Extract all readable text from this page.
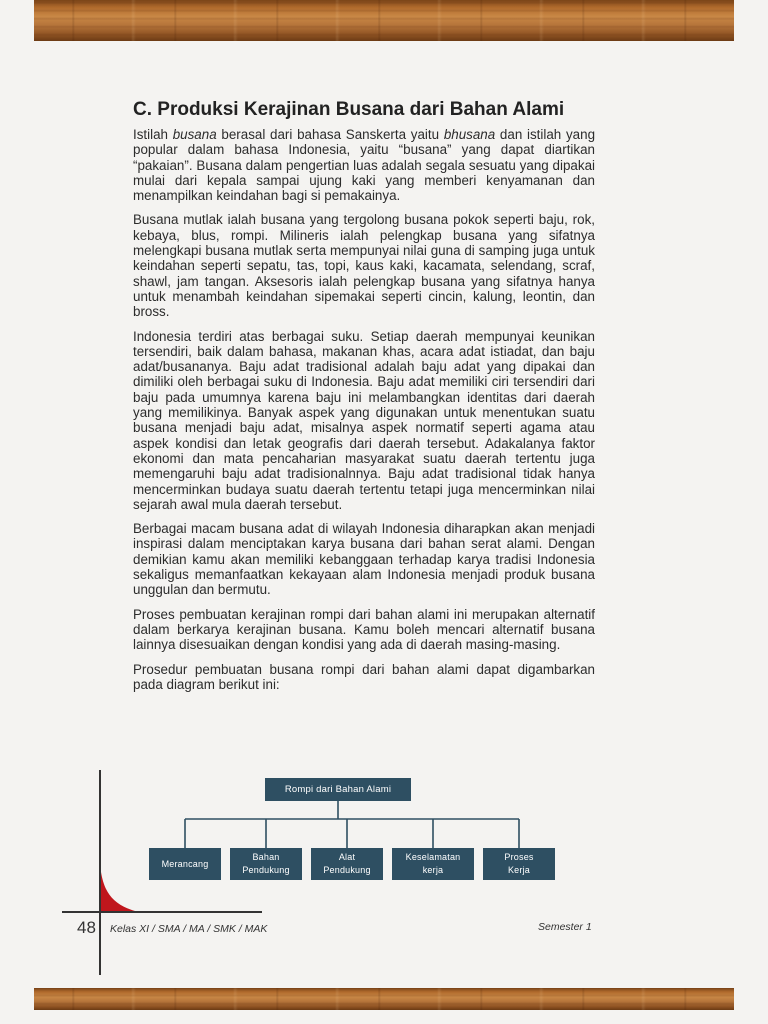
C. Produksi Kerajinan Busana dari Bahan Alami

Istilah busana berasal dari bahasa Sanskerta yaitu bhusana dan istilah yang popular dalam bahasa Indonesia, yaitu “busana” yang dapat diartikan “pakaian”. Busana dalam pengertian luas adalah segala sesuatu yang dipakai mulai dari kepala sampai ujung kaki yang memberi kenyamanan dan menampilkan keindahan bagi si pemakainya.

Busana mutlak ialah busana yang tergolong busana pokok seperti baju, rok, kebaya, blus, rompi. Milineris ialah pelengkap busana yang sifatnya melengkapi busana mutlak serta mempunyai nilai guna di samping juga untuk keindahan seperti sepatu, tas, topi, kaus kaki, kacamata, selendang, scraf, shawl, jam tangan. Aksesoris ialah pelengkap busana yang sifatnya hanya untuk menambah keindahan sipemakai seperti cincin, kalung, leontin, dan bross.

Indonesia terdiri atas berbagai suku. Setiap daerah mempunyai keunikan tersendiri, baik dalam bahasa, makanan khas, acara adat istiadat, dan baju adat/busananya. Baju adat tradisional adalah baju adat yang dipakai dan dimiliki oleh berbagai suku di Indonesia. Baju adat memiliki ciri tersendiri dari baju pada umumnya karena baju ini melambangkan identitas dari daerah yang memilikinya. Banyak aspek yang digunakan untuk menentukan suatu busana menjadi baju adat, misalnya aspek normatif seperti agama atau aspek kondisi dan letak geografis dari daerah tersebut. Adakalanya faktor ekonomi dan mata pencaharian masyarakat suatu daerah tertentu juga memengaruhi baju adat tradisionalnnya. Baju adat tradisional tidak hanya mencerminkan budaya suatu daerah tertentu tetapi juga mencerminkan nilai sejarah awal mula daerah tersebut.

Berbagai macam busana adat di wilayah Indonesia diharapkan akan menjadi inspirasi dalam menciptakan karya busana dari bahan serat alami. Dengan demikian kamu akan memiliki kebanggaan terhadap karya tradisi Indonesia sekaligus memanfaatkan kekayaan alam Indonesia menjadi produk busana unggulan dan bermutu.

Proses pembuatan kerajinan rompi dari bahan alami ini merupakan alternatif dalam berkarya kerajinan busana. Kamu boleh mencari alternatif busana lainnya disesuaikan dengan kondisi yang ada di daerah masing-masing.

Prosedur pembuatan busana rompi dari bahan alami dapat digambarkan pada diagram berikut ini:

Rompi dari Bahan Alami
Merancang
Bahan
Pendukung
Alat
Pendukung
Keselamatan
kerja
Proses
Kerja
48 Kelas XI / SMA / MA / SMK / MAK	Semester 1
